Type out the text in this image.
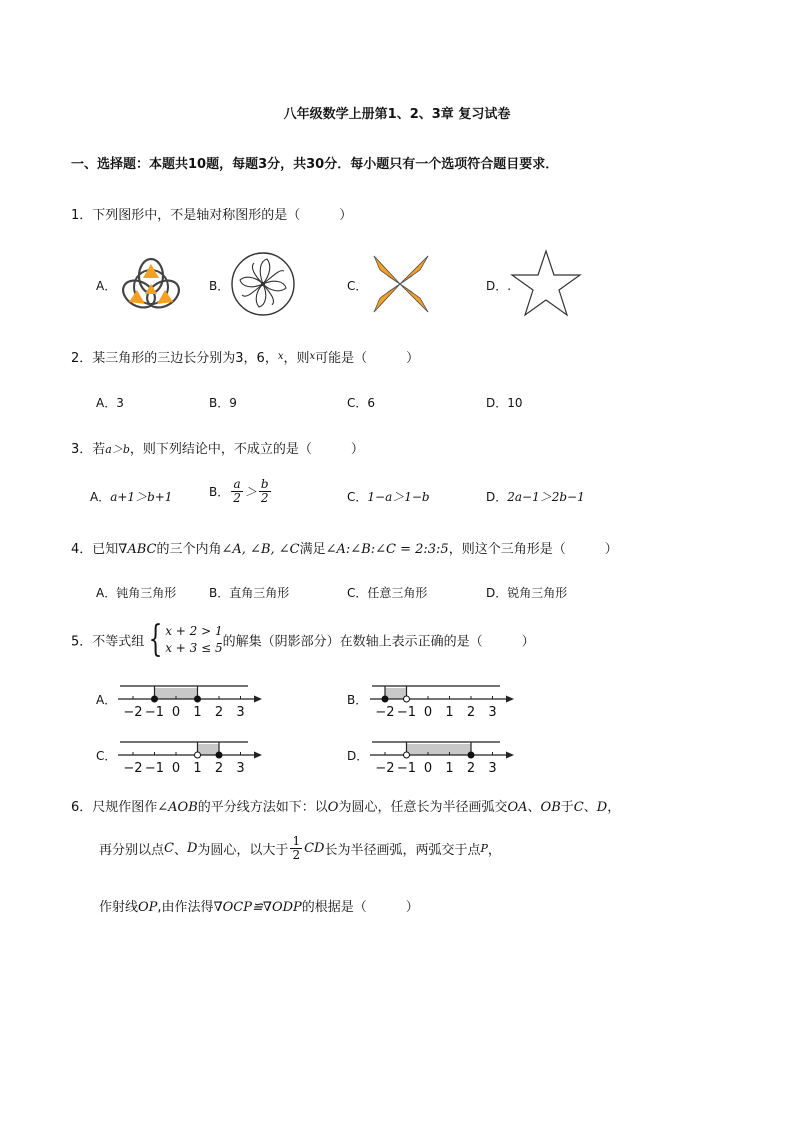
八年级数学上册第1、2、3章 复习试卷
一、选择题：本题共10题，每题3分，共30分．每小题只有一个选项符合题目要求．
1．下列图形中，不是轴对称图形的是（　　　）
A．	B．	C．	D．.
2．某三角形的三边长分别为3，6，$^x$，则$^x$可能是（　　　）
A．3	B．9	C．6	D．10
3．若a＞b，则下列结论中，不成立的是（　　　）
A．a+1＞b+1	B． $\frac{a}{2} > \frac{b}{2}$	C．1−a＞1−b	D．2a−1＞2b−1
4．已知∇ABC的三个内角∠A, ∠B, ∠C满足∠A:∠B:∠C = 2:3:5，则这个三角形是（　　　）
A．钝角三角形	B．直角三角形	C．任意三角形	D．锐角三角形
5．不等式组 { x + 2 > 1
x + 3 ≤ 5 的解集（阴影部分）在数轴上表示正确的是（　　　）
A．
−2 −1 0 1 2 3
B．
−2 −1 0 1 2 3
C．
−2 −1 0 1 2 3
D．
−2 −1 0 1 2 3
6．尺规作图作∠AOB的平分线方法如下：以O为圆心，任意长为半径画弧交OA、OB于C、D，
再分别以点C、D为圆心，以大于 $\frac{1}{2}$ CD长为半径画弧，两弧交于点P，
作射线OP,由作法得∇OCP≌∇ODP的根据是（　　　）
